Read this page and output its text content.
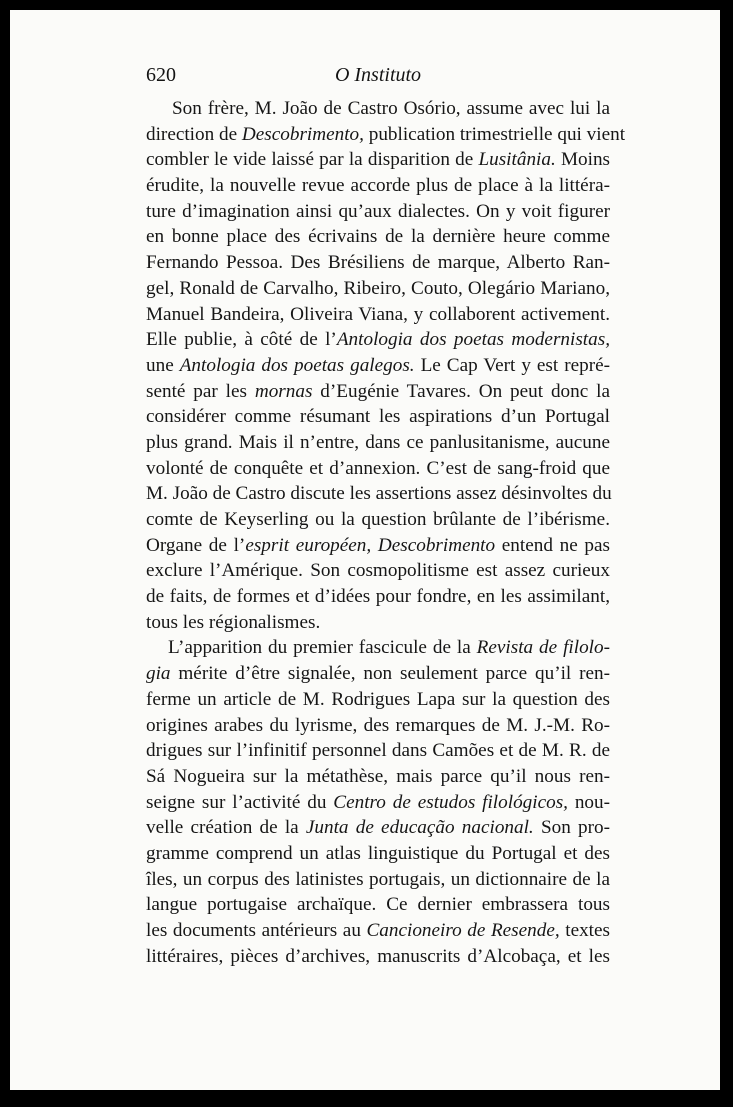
620	O Instituto
Son frère, M. João de Castro Osório, assume avec lui la
direction de Descobrimento, publication trimestrielle qui vient
combler le vide laissé par la disparition de Lusitânia. Moins
érudite, la nouvelle revue accorde plus de place à la littéra-
ture d’imagination ainsi qu’aux dialectes. On y voit figurer
en bonne place des écrivains de la dernière heure comme
Fernando Pessoa. Des Brésiliens de marque, Alberto Ran-
gel, Ronald de Carvalho, Ribeiro, Couto, Olegário Mariano,
Manuel Bandeira, Oliveira Viana, y collaborent activement.
Elle publie, à côté de l’Antologia dos poetas modernistas,
une Antologia dos poetas galegos. Le Cap Vert y est repré-
senté par les mornas d’Eugénie Tavares. On peut donc la
considérer comme résumant les aspirations d’un Portugal
plus grand. Mais il n’entre, dans ce panlusitanisme, aucune
volonté de conquête et d’annexion. C’est de sang-froid que
M. João de Castro discute les assertions assez désinvoltes du
comte de Keyserling ou la question brûlante de l’ibérisme.
Organe de l’esprit européen, Descobrimento entend ne pas
exclure l’Amérique. Son cosmopolitisme est assez curieux
de faits, de formes et d’idées pour fondre, en les assimilant,
tous les régionalismes.
L’apparition du premier fascicule de la Revista de filolo-
gia mérite d’être signalée, non seulement parce qu’il ren-
ferme un article de M. Rodrigues Lapa sur la question des
origines arabes du lyrisme, des remarques de M. J.-M. Ro-
drigues sur l’infinitif personnel dans Camões et de M. R. de
Sá Nogueira sur la métathèse, mais parce qu’il nous ren-
seigne sur l’activité du Centro de estudos filológicos, nou-
velle création de la Junta de educação nacional. Son pro-
gramme comprend un atlas linguistique du Portugal et des
îles, un corpus des latinistes portugais, un dictionnaire de la
langue portugaise archaïque. Ce dernier embrassera tous
les documents antérieurs au Cancioneiro de Resende, textes
littéraires, pièces d’archives, manuscrits d’Alcobaça, et les
